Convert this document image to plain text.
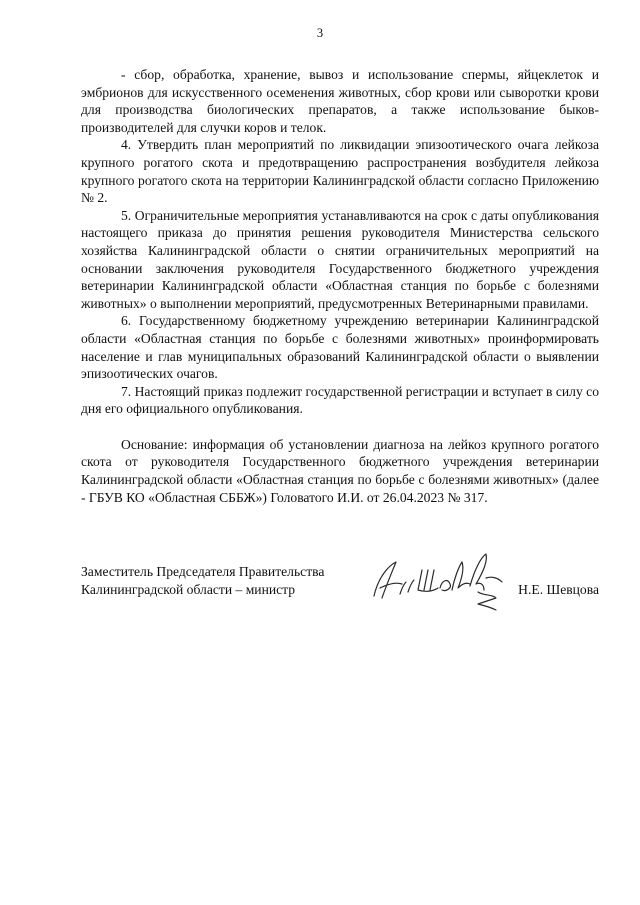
3

- сбор, обработка, хранение, вывоз и использование спермы, яйцеклеток и эмбрионов для искусственного осеменения животных, сбор крови или сыворотки крови для производства биологических препаратов, а также использование быков-производителей для случки коров и телок.

4. Утвердить план мероприятий по ликвидации эпизоотического очага лейкоза крупного рогатого скота и предотвращению распространения возбудителя лейкоза крупного рогатого скота на территории Калининградской области согласно Приложению № 2.

5. Ограничительные мероприятия устанавливаются на срок с даты опубликования настоящего приказа до принятия решения руководителя Министерства сельского хозяйства Калининградской области о снятии ограничительных мероприятий на основании заключения руководителя Государственного бюджетного учреждения ветеринарии Калининградской области «Областная станция по борьбе с болезнями животных» о выполнении мероприятий, предусмотренных Ветеринарными правилами.

6. Государственному бюджетному учреждению ветеринарии Калининградской области «Областная станция по борьбе с болезнями животных» проинформировать население и глав муниципальных образований Калининградской области о выявлении эпизоотических очагов.

7. Настоящий приказ подлежит государственной регистрации и вступает в силу со дня его официального опубликования.

Основание: информация об установлении диагноза на лейкоз крупного рогатого скота от руководителя Государственного бюджетного учреждения ветеринарии Калининградской области «Областная станция по борьбе с болезнями животных» (далее - ГБУВ КО «Областная СББЖ») Головатого И.И. от 26.04.2023 № 317.

Заместитель Председателя Правительства
Калининградской области – министр	Н.Е. Шевцова
